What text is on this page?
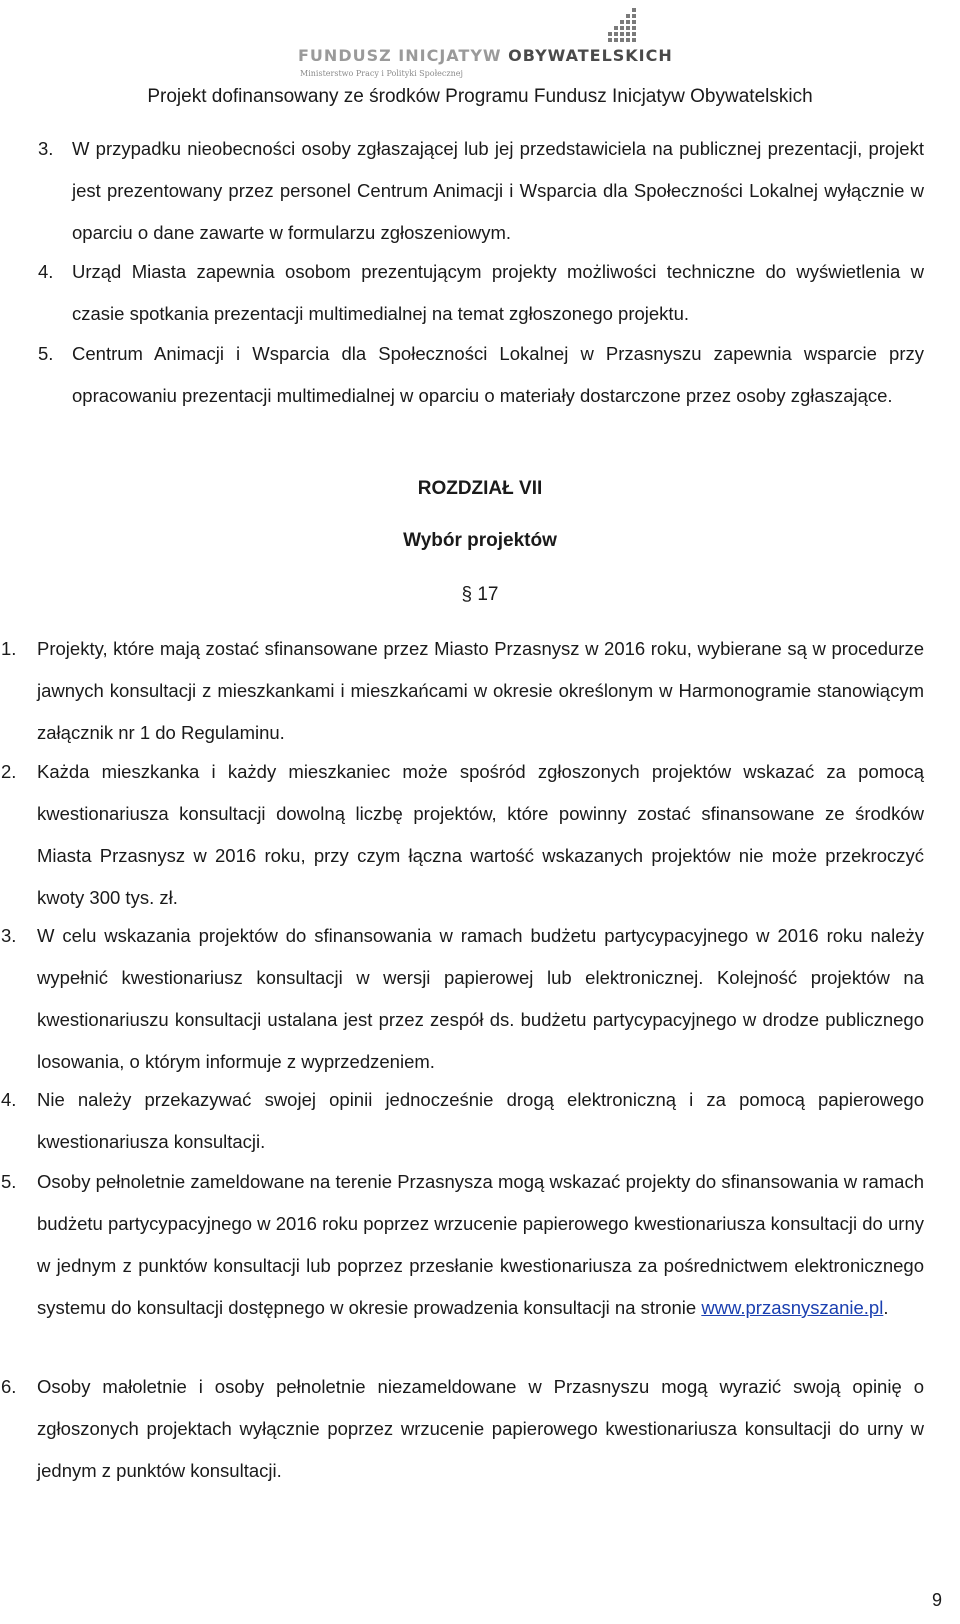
FUNDUSZ INICJATYW OBYWATELSKICH
Ministerstwo Pracy i Polityki Społecznej
Projekt dofinansowany ze środków Programu Fundusz Inicjatyw Obywatelskich
3. W przypadku nieobecności osoby zgłaszającej lub jej przedstawiciela na publicznej prezentacji, projekt jest prezentowany przez personel Centrum Animacji i Wsparcia dla Społeczności Lokalnej wyłącznie w oparciu o dane zawarte w formularzu zgłoszeniowym.
4. Urząd Miasta zapewnia osobom prezentującym projekty możliwości techniczne do wyświetlenia w czasie spotkania prezentacji multimedialnej na temat zgłoszonego projektu.
5. Centrum Animacji i Wsparcia dla Społeczności Lokalnej w Przasnyszu zapewnia wsparcie przy opracowaniu prezentacji multimedialnej w oparciu o materiały dostarczone przez osoby zgłaszające.
ROZDZIAŁ VII
Wybór projektów
§ 17
1. Projekty, które mają zostać sfinansowane przez Miasto Przasnysz w 2016 roku, wybierane są w procedurze jawnych konsultacji z mieszkankami i mieszkańcami w okresie określonym w Harmonogramie stanowiącym załącznik nr 1 do Regulaminu.
2. Każda mieszkanka i każdy mieszkaniec może spośród zgłoszonych projektów wskazać za pomocą kwestionariusza konsultacji dowolną liczbę projektów, które powinny zostać sfinansowane ze środków Miasta Przasnysz w 2016 roku, przy czym łączna wartość wskazanych projektów nie może przekroczyć kwoty 300 tys. zł.
3. W celu wskazania projektów do sfinansowania w ramach budżetu partycypacyjnego w 2016 roku należy wypełnić kwestionariusz konsultacji w wersji papierowej lub elektronicznej. Kolejność projektów na kwestionariuszu konsultacji ustalana jest przez zespół ds. budżetu partycypacyjnego w drodze publicznego losowania, o którym informuje z wyprzedzeniem.
4. Nie należy przekazywać swojej opinii jednocześnie drogą elektroniczną i za pomocą papierowego kwestionariusza konsultacji.
5. Osoby pełnoletnie zameldowane na terenie Przasnysza mogą wskazać projekty do sfinansowania w ramach budżetu partycypacyjnego w 2016 roku poprzez wrzucenie papierowego kwestionariusza konsultacji do urny w jednym z punktów konsultacji lub poprzez przesłanie kwestionariusza za pośrednictwem elektronicznego systemu do konsultacji dostępnego w okresie prowadzenia konsultacji na stronie www.przasnyszanie.pl.
6. Osoby małoletnie i osoby pełnoletnie niezameldowane w Przasnyszu mogą wyrazić swoją opinię o zgłoszonych projektach wyłącznie poprzez wrzucenie papierowego kwestionariusza konsultacji do urny w jednym z punktów konsultacji.
9
